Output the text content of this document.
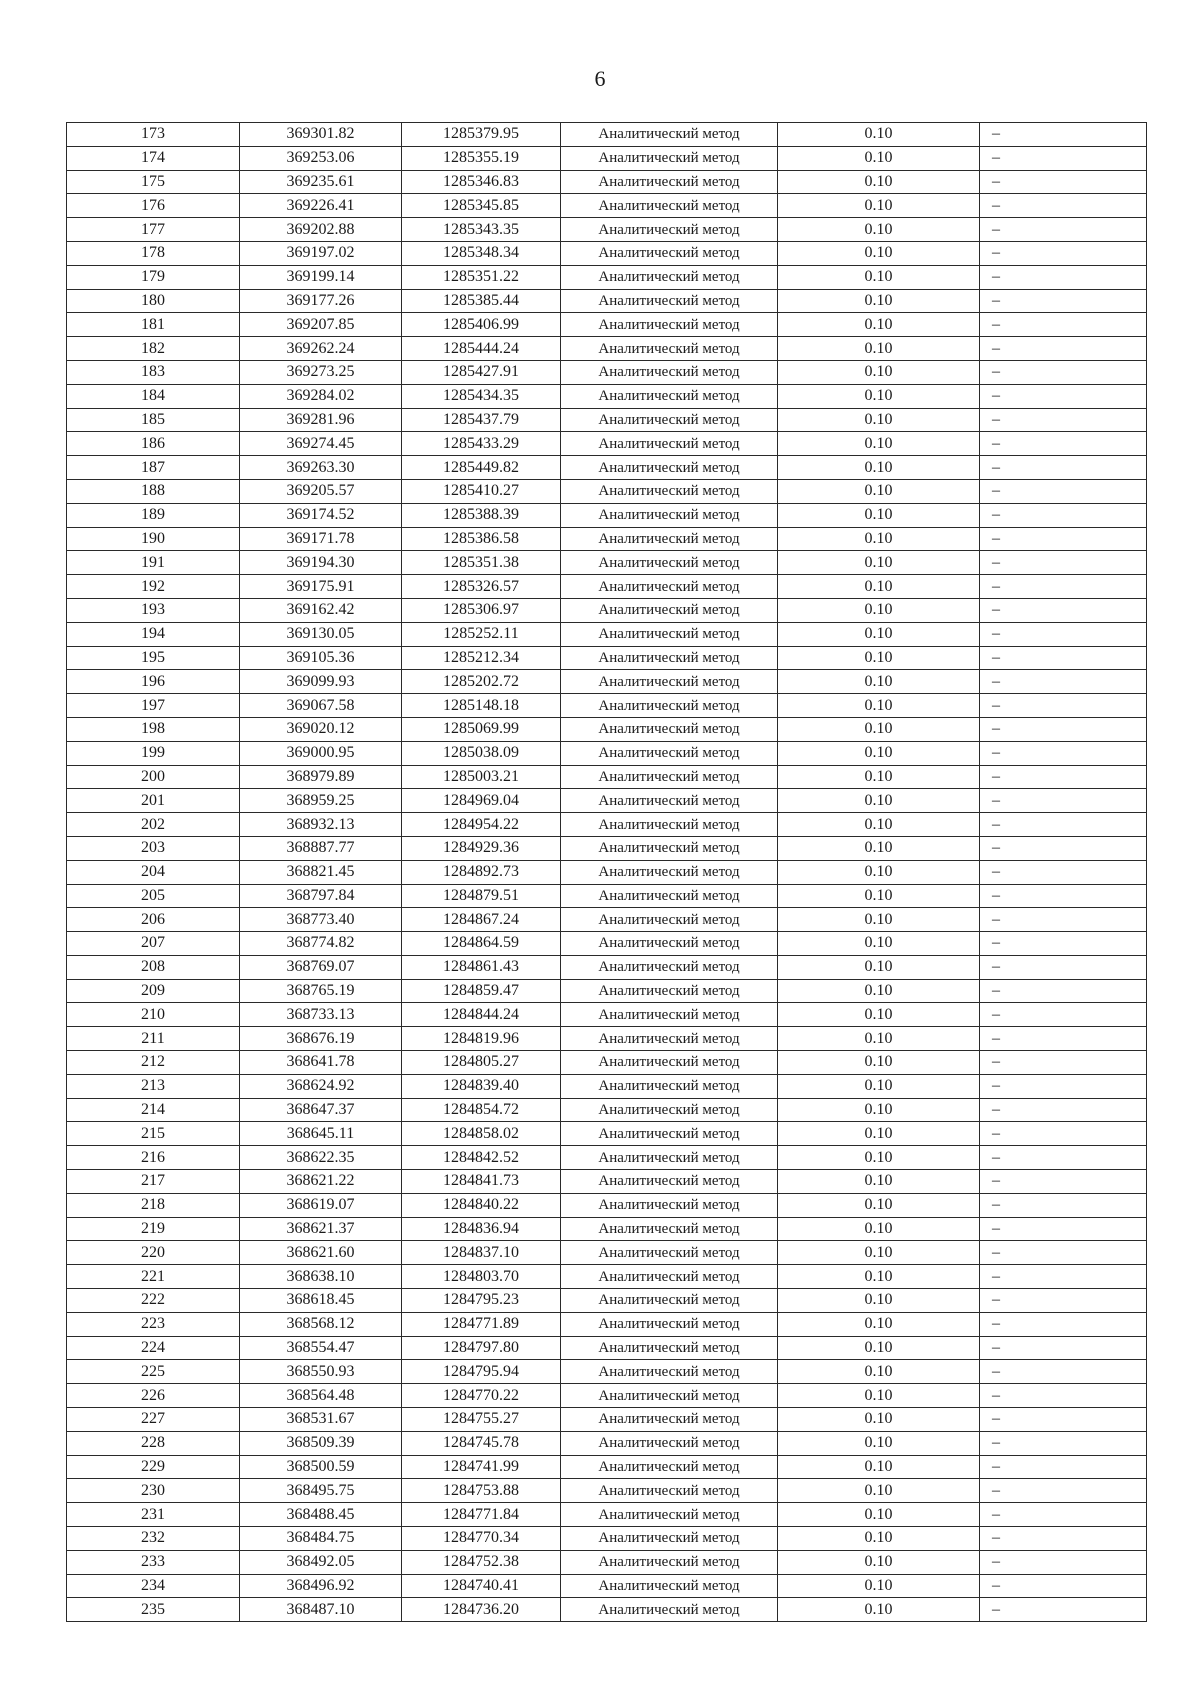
6
173	369301.82	1285379.95	Аналитический метод	0.10	–
174	369253.06	1285355.19	Аналитический метод	0.10	–
175	369235.61	1285346.83	Аналитический метод	0.10	–
176	369226.41	1285345.85	Аналитический метод	0.10	–
177	369202.88	1285343.35	Аналитический метод	0.10	–
178	369197.02	1285348.34	Аналитический метод	0.10	–
179	369199.14	1285351.22	Аналитический метод	0.10	–
180	369177.26	1285385.44	Аналитический метод	0.10	–
181	369207.85	1285406.99	Аналитический метод	0.10	–
182	369262.24	1285444.24	Аналитический метод	0.10	–
183	369273.25	1285427.91	Аналитический метод	0.10	–
184	369284.02	1285434.35	Аналитический метод	0.10	–
185	369281.96	1285437.79	Аналитический метод	0.10	–
186	369274.45	1285433.29	Аналитический метод	0.10	–
187	369263.30	1285449.82	Аналитический метод	0.10	–
188	369205.57	1285410.27	Аналитический метод	0.10	–
189	369174.52	1285388.39	Аналитический метод	0.10	–
190	369171.78	1285386.58	Аналитический метод	0.10	–
191	369194.30	1285351.38	Аналитический метод	0.10	–
192	369175.91	1285326.57	Аналитический метод	0.10	–
193	369162.42	1285306.97	Аналитический метод	0.10	–
194	369130.05	1285252.11	Аналитический метод	0.10	–
195	369105.36	1285212.34	Аналитический метод	0.10	–
196	369099.93	1285202.72	Аналитический метод	0.10	–
197	369067.58	1285148.18	Аналитический метод	0.10	–
198	369020.12	1285069.99	Аналитический метод	0.10	–
199	369000.95	1285038.09	Аналитический метод	0.10	–
200	368979.89	1285003.21	Аналитический метод	0.10	–
201	368959.25	1284969.04	Аналитический метод	0.10	–
202	368932.13	1284954.22	Аналитический метод	0.10	–
203	368887.77	1284929.36	Аналитический метод	0.10	–
204	368821.45	1284892.73	Аналитический метод	0.10	–
205	368797.84	1284879.51	Аналитический метод	0.10	–
206	368773.40	1284867.24	Аналитический метод	0.10	–
207	368774.82	1284864.59	Аналитический метод	0.10	–
208	368769.07	1284861.43	Аналитический метод	0.10	–
209	368765.19	1284859.47	Аналитический метод	0.10	–
210	368733.13	1284844.24	Аналитический метод	0.10	–
211	368676.19	1284819.96	Аналитический метод	0.10	–
212	368641.78	1284805.27	Аналитический метод	0.10	–
213	368624.92	1284839.40	Аналитический метод	0.10	–
214	368647.37	1284854.72	Аналитический метод	0.10	–
215	368645.11	1284858.02	Аналитический метод	0.10	–
216	368622.35	1284842.52	Аналитический метод	0.10	–
217	368621.22	1284841.73	Аналитический метод	0.10	–
218	368619.07	1284840.22	Аналитический метод	0.10	–
219	368621.37	1284836.94	Аналитический метод	0.10	–
220	368621.60	1284837.10	Аналитический метод	0.10	–
221	368638.10	1284803.70	Аналитический метод	0.10	–
222	368618.45	1284795.23	Аналитический метод	0.10	–
223	368568.12	1284771.89	Аналитический метод	0.10	–
224	368554.47	1284797.80	Аналитический метод	0.10	–
225	368550.93	1284795.94	Аналитический метод	0.10	–
226	368564.48	1284770.22	Аналитический метод	0.10	–
227	368531.67	1284755.27	Аналитический метод	0.10	–
228	368509.39	1284745.78	Аналитический метод	0.10	–
229	368500.59	1284741.99	Аналитический метод	0.10	–
230	368495.75	1284753.88	Аналитический метод	0.10	–
231	368488.45	1284771.84	Аналитический метод	0.10	–
232	368484.75	1284770.34	Аналитический метод	0.10	–
233	368492.05	1284752.38	Аналитический метод	0.10	–
234	368496.92	1284740.41	Аналитический метод	0.10	–
235	368487.10	1284736.20	Аналитический метод	0.10	–
